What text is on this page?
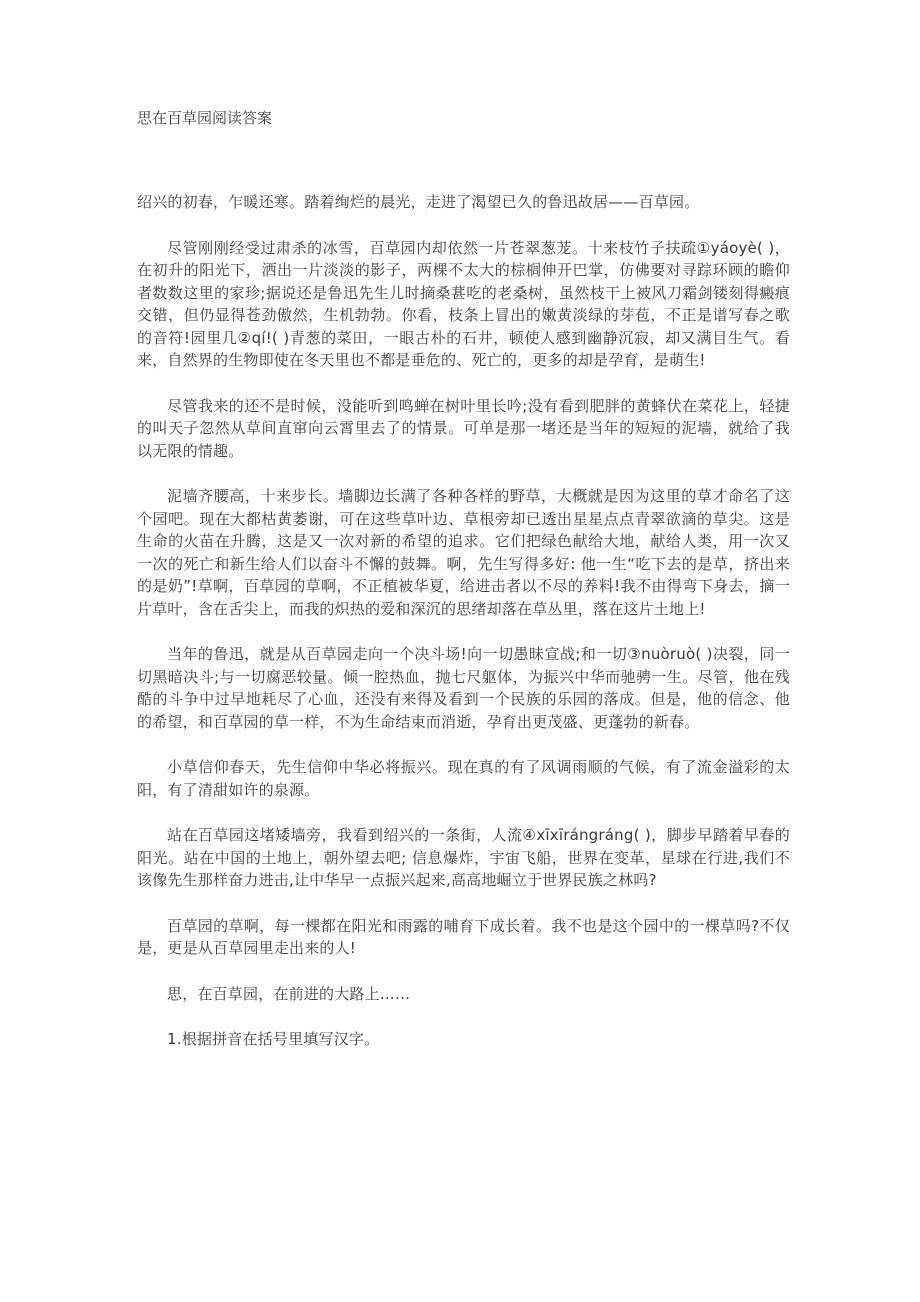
思在百草园阅读答案

绍兴的初春，乍暖还寒。踏着绚烂的晨光，走进了渴望已久的鲁迅故居——百草园。

尽管刚刚经受过肃杀的冰雪，百草园内却依然一片苍翠葱茏。十来枝竹子扶疏①yáoyè( )，在初升的阳光下，洒出一片淡淡的影子，两棵不太大的棕榈伸开巴掌，仿佛要对寻踪环顾的瞻仰者数数这里的家珍;据说还是鲁迅先生儿时摘桑葚吃的老桑树，虽然枝干上被风刀霜剑镂刻得癜痕交错，但仍显得苍劲傲然，生机勃勃。你看，枝条上冒出的嫩黄淡绿的芽苞，不正是谱写春之歌的音符!园里几②qí!( )青葱的菜田，一眼古朴的石井，顿使人感到幽静沉寂，却又满目生气。看来，自然界的生物即使在冬天里也不都是垂危的、死亡的，更多的却是孕育，是萌生!

尽管我来的还不是时候，没能听到鸣蝉在树叶里长吟;没有看到肥胖的黄蜂伏在菜花上，轻捷的叫天子忽然从草间直窜向云霄里去了的情景。可单是那一堵还是当年的短短的泥墙，就给了我以无限的情趣。

泥墙齐腰高，十来步长。墙脚边长满了各种各样的野草，大概就是因为这里的草才命名了这个园吧。现在大都枯黄萎谢，可在这些草叶边、草根旁却已透出星星点点青翠欲滴的草尖。这是生命的火苗在升腾，这是又一次对新的希望的追求。它们把绿色献给大地，献给人类，用一次又一次的死亡和新生给人们以奋斗不懈的鼓舞。啊，先生写得多好: 他一生“吃下去的是草，挤出来的是奶”!草啊，百草园的草啊，不正植被华夏，给进击者以不尽的养料!我不由得弯下身去，摘一片草叶，含在舌尖上，而我的炽热的爱和深沉的思绪却落在草丛里，落在这片土地上!

当年的鲁迅，就是从百草园走向一个决斗场!向一切愚昧宣战;和一切③nuòruò( )决裂，同一切黑暗决斗;与一切腐恶较量。倾一腔热血，抛七尺躯体，为振兴中华而驰骋一生。尽管，他在残酷的斗争中过早地耗尽了心血，还没有来得及看到一个民族的乐园的落成。但是，他的信念、他的希望，和百草园的草一样，不为生命结束而消逝，孕育出更茂盛、更蓬勃的新春。

小草信仰春天，先生信仰中华必将振兴。现在真的有了风调雨顺的气候，有了流金溢彩的太阳，有了清甜如许的泉源。

站在百草园这堵矮墙旁，我看到绍兴的一条街，人流④xīxīrángráng( )，脚步早踏着早春的阳光。站在中国的土地上，朝外望去吧; 信息爆炸，宇宙飞船，世界在变革，星球在行进,我们不该像先生那样奋力进击,让中华早一点振兴起来,高高地崛立于世界民族之林吗?

百草园的草啊，每一棵都在阳光和雨露的哺育下成长着。我不也是这个园中的一棵草吗?不仅是，更是从百草园里走出来的人!

思，在百草园，在前进的大路上……

1.根据拼音在括号里填写汉字。
